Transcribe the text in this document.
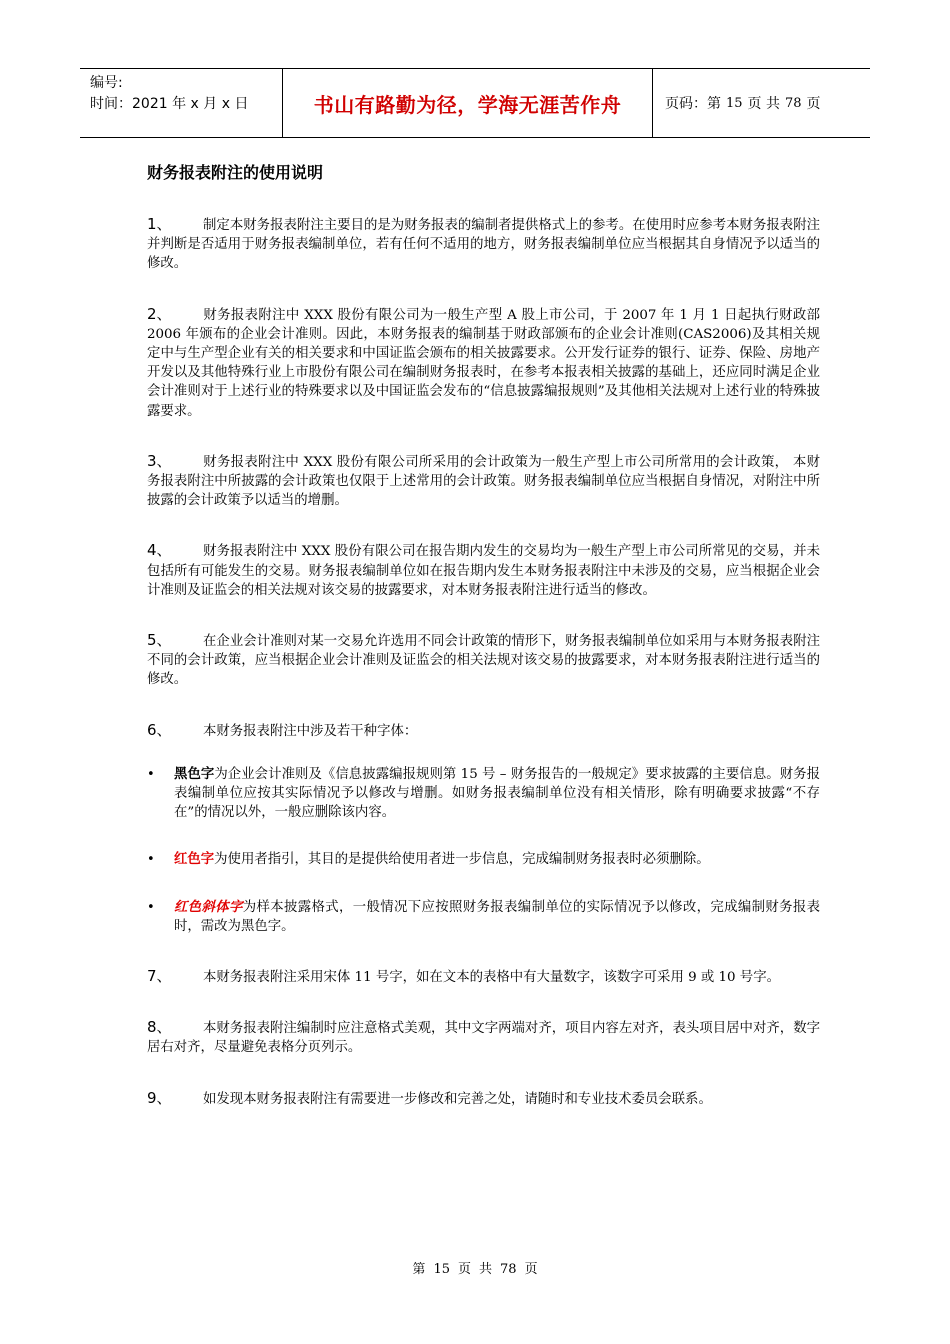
编号:
时间：2021 年 x 月 x 日	书山有路勤为径，学海无涯苦作舟	页码：第 15 页 共 78 页
财务报表附注的使用说明

1、 制定本财务报表附注主要目的是为财务报表的编制者提供格式上的参考。在使用时应参考本财务报表附注并判断是否适用于财务报表编制单位，若有任何不适用的地方，财务报表编制单位应当根据其自身情况予以适当的修改。

2、 财务报表附注中 XXX 股份有限公司为一般生产型 A 股上市公司，于 2007 年 1 月 1 日起执行财政部 2006 年颁布的企业会计准则。因此，本财务报表的编制基于财政部颁布的企业会计准则(CAS2006)及其相关规定中与生产型企业有关的相关要求和中国证监会颁布的相关披露要求。公开发行证券的银行、证券、保险、房地产开发以及其他特殊行业上市股份有限公司在编制财务报表时，在参考本报表相关披露的基础上，还应同时满足企业会计准则对于上述行业的特殊要求以及中国证监会发布的“信息披露编报规则”及其他相关法规对上述行业的特殊披露要求。

3、 财务报表附注中 XXX 股份有限公司所采用的会计政策为一般生产型上市公司所常用的会计政策， 本财务报表附注中所披露的会计政策也仅限于上述常用的会计政策。财务报表编制单位应当根据自身情况，对附注中所披露的会计政策予以适当的增删。

4、 财务报表附注中 XXX 股份有限公司在报告期内发生的交易均为一般生产型上市公司所常见的交易，并未包括所有可能发生的交易。财务报表编制单位如在报告期内发生本财务报表附注中未涉及的交易，应当根据企业会计准则及证监会的相关法规对该交易的披露要求，对本财务报表附注进行适当的修改。

5、 在企业会计准则对某一交易允许选用不同会计政策的情形下，财务报表编制单位如采用与本财务报表附注不同的会计政策，应当根据企业会计准则及证监会的相关法规对该交易的披露要求，对本财务报表附注进行适当的修改。

6、 本财务报表附注中涉及若干种字体：

• 黑色字为企业会计准则及《信息披露编报规则第 15 号 – 财务报告的一般规定》要求披露的主要信息。财务报表编制单位应按其实际情况予以修改与增删。如财务报表编制单位没有相关情形，除有明确要求披露“不存在”的情况以外，一般应删除该内容。
• 红色字为使用者指引，其目的是提供给使用者进一步信息，完成编制财务报表时必须删除。
• 红色斜体字为样本披露格式，一般情况下应按照财务报表编制单位的实际情况予以修改，完成编制财务报表时，需改为黑色字。

7、 本财务报表附注采用宋体 11 号字，如在文本的表格中有大量数字，该数字可采用 9 或 10 号字。

8、 本财务报表附注编制时应注意格式美观，其中文字两端对齐，项目内容左对齐，表头项目居中对齐，数字居右对齐，尽量避免表格分页列示。

9、 如发现本财务报表附注有需要进一步修改和完善之处，请随时和专业技术委员会联系。

第 15 页 共 78 页
